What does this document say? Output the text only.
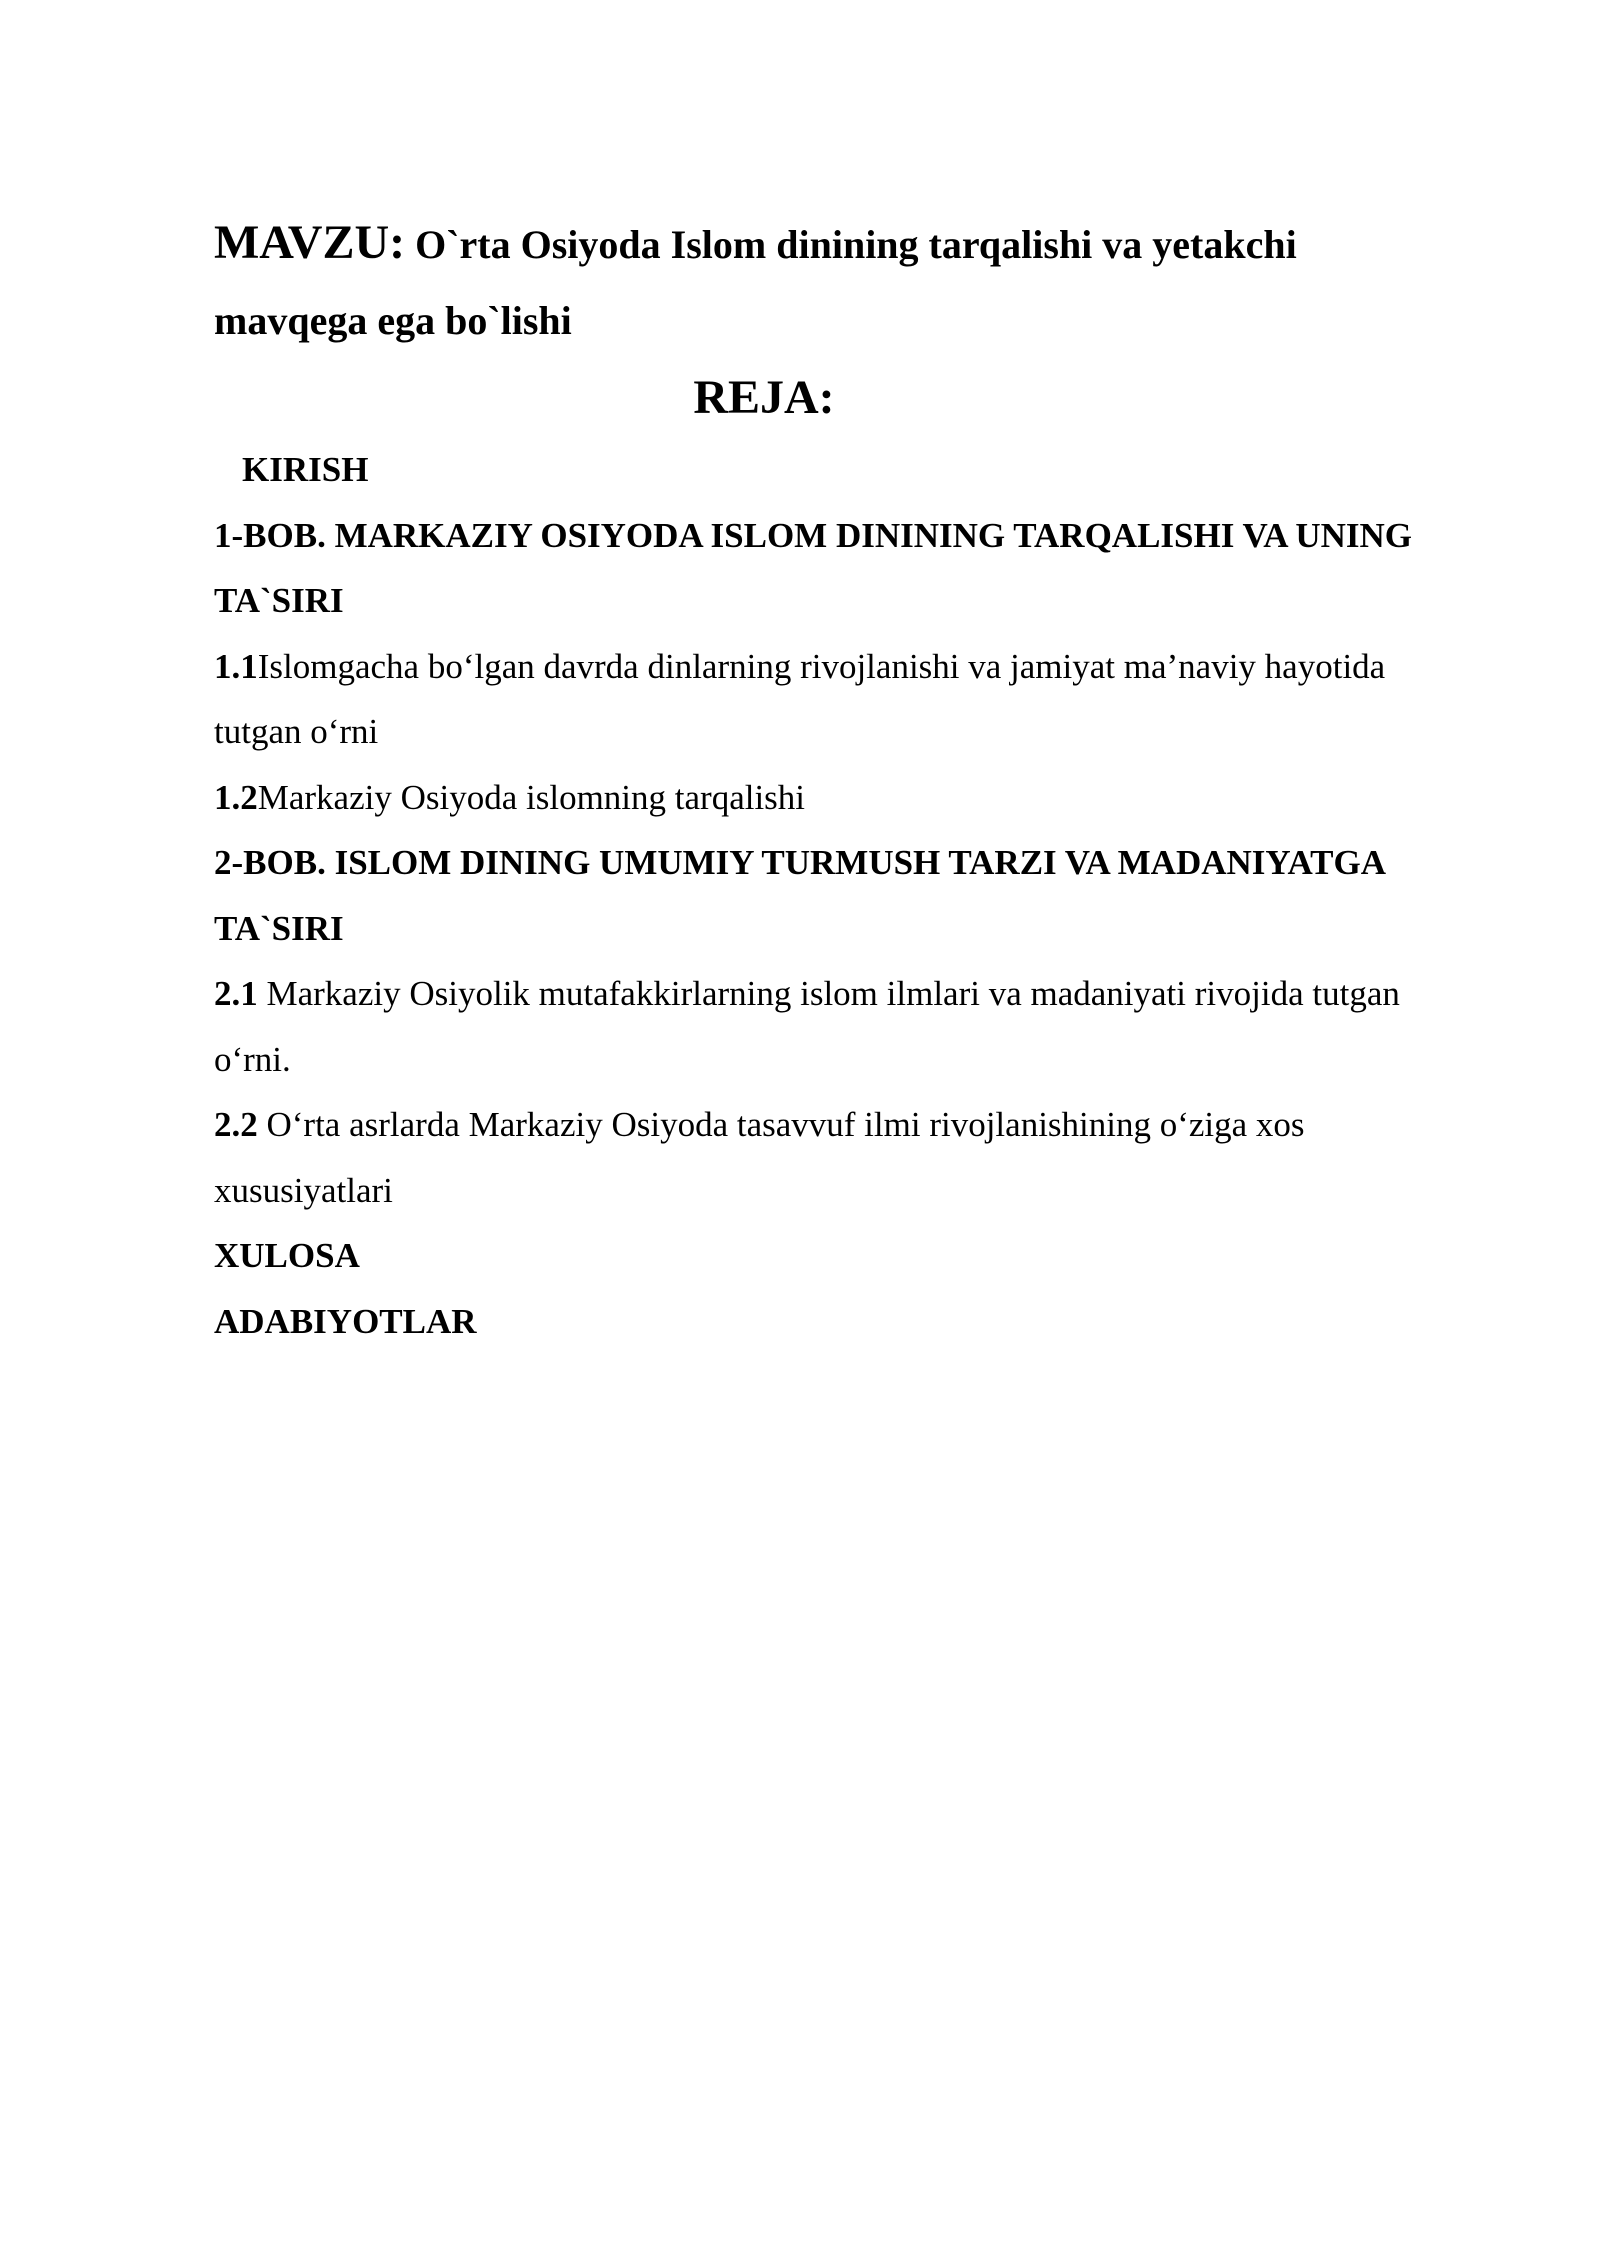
MAVZU: O`rta Osiyoda Islom dinining tarqalishi va yetakchi mavqega ega bo`lishi

REJA:

KIRISH

1-BOB. MARKAZIY OSIYODA ISLOM DININING TARQALISHI VA UNING TA`SIRI

1.1Islomgacha bo‘lgan davrda dinlarning rivojlanishi va jamiyat ma’naviy hayotida tutgan o‘rni

1.2Markaziy Osiyoda islomning tarqalishi

2-BOB. ISLOM DINING UMUMIY TURMUSH TARZI VA MADANIYATGA TA`SIRI

2.1 Markaziy Osiyolik mutafakkirlarning islom ilmlari va madaniyati rivojida tutgan o‘rni.

2.2 O‘rta asrlarda Markaziy Osiyoda tasavvuf ilmi rivojlanishining o‘ziga xos xususiyatlari

XULOSA

ADABIYOTLAR
